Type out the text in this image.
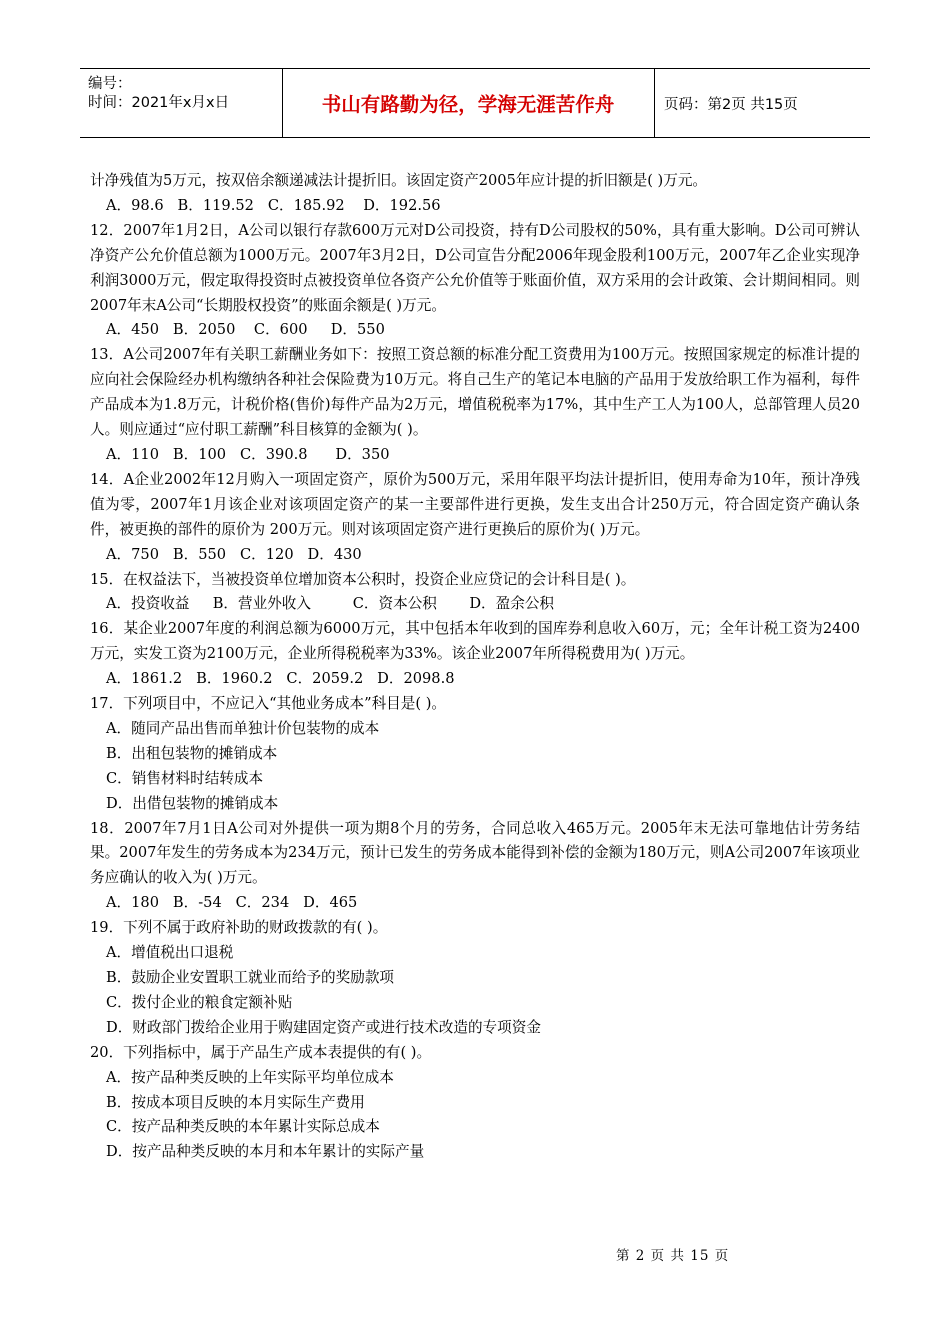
编号：
时间：2021年x月x日	书山有路勤为径，学海无涯苦作舟	页码：第2页 共15页

计净残值为5万元，按双倍余额递减法计提折旧。该固定资产2005年应计提的折旧额是( )万元。

A．98.6   B．119.52   C．185.92    D．192.56

12．2007年1月2日，A公司以银行存款600万元对D公司投资，持有D公司股权的50%，具有重大影响。D公司可辨认净资产公允价值总额为1000万元。2007年3月2日，D公司宣告分配2006年现金股利100万元，2007年乙企业实现净利润3000万元，假定取得投资时点被投资单位各资产公允价值等于账面价值，双方采用的会计政策、会计期间相同。则2007年末A公司“长期股权投资”的账面余额是( )万元。

A．450   B．2050    C．600     D．550

13．A公司2007年有关职工薪酬业务如下：按照工资总额的标准分配工资费用为100万元。按照国家规定的标准计提的应向社会保险经办机构缴纳各种社会保险费为10万元。将自己生产的笔记本电脑的产品用于发放给职工作为福利，每件产品成本为1.8万元，计税价格(售价)每件产品为2万元，增值税税率为17%，其中生产工人为100人，总部管理人员20人。则应通过“应付职工薪酬”科目核算的金额为( )。

A．110   B．100   C．390.8      D．350

14．A企业2002年12月购入一项固定资产，原价为500万元，采用年限平均法计提折旧，使用寿命为10年，预计净残值为零，2007年1月该企业对该项固定资产的某一主要部件进行更换，发生支出合计250万元，符合固定资产确认条件，被更换的部件的原价为 200万元。则对该项固定资产进行更换后的原价为( )万元。

A．750   B．550   C．120   D．430

15．在权益法下，当被投资单位增加资本公积时，投资企业应贷记的会计科目是( )。

A．投资收益     B．营业外收入         C．资本公积       D．盈余公积

16．某企业2007年度的利润总额为6000万元，其中包括本年收到的国库券利息收入60万，元；全年计税工资为2400万元，实发工资为2100万元，企业所得税税率为33%。该企业2007年所得税费用为( )万元。

A．1861.2   B．1960.2   C．2059.2   D．2098.8

17．下列项目中，不应记入“其他业务成本”科目是( )。

A．随同产品出售而单独计价包装物的成本

B．出租包装物的摊销成本

C．销售材料时结转成本

D．出借包装物的摊销成本

18．2007年7月1日A公司对外提供一项为期8个月的劳务，合同总收入465万元。2005年末无法可靠地估计劳务结果。2007年发生的劳务成本为234万元，预计已发生的劳务成本能得到补偿的金额为180万元，则A公司2007年该项业务应确认的收入为( )万元。

A．180   B．-54   C．234   D．465

19．下列不属于政府补助的财政拨款的有( )。

A．增值税出口退税

B．鼓励企业安置职工就业而给予的奖励款项

C．拨付企业的粮食定额补贴

D．财政部门拨给企业用于购建固定资产或进行技术改造的专项资金

20．下列指标中，属于产品生产成本表提供的有( )。

A．按产品种类反映的上年实际平均单位成本

B．按成本项目反映的本月实际生产费用

C．按产品种类反映的本年累计实际总成本

D．按产品种类反映的本月和本年累计的实际产量

第 2 页 共 15 页
